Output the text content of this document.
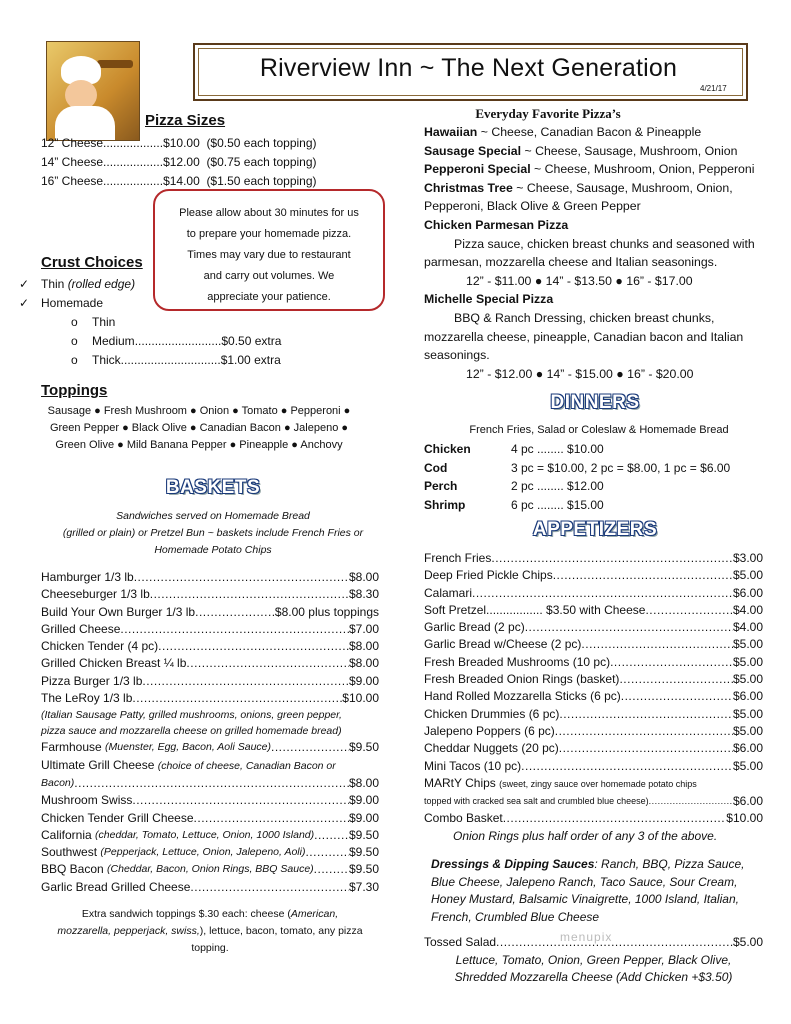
Riverview Inn ~ The Next Generation
4/21/17
Pizza Sizes
12” Cheese..................$10.00 ($0.50 each topping)
14” Cheese..................$12.00 ($0.75 each topping)
16” Cheese..................$14.00 ($1.50 each topping)
Please allow about 30 minutes for us
to prepare your homemade pizza.
Times may vary due to restaurant
and carry out volumes. We
appreciate your patience.
Crust Choices
✓ Thin (rolled edge)
✓ Homemade
o Thin
o Medium..........................$0.50 extra
o Thick..............................$1.00 extra
Toppings
Sausage ● Fresh Mushroom ● Onion ● Tomato ● Pepperoni ●
Green Pepper ● Black Olive ● Canadian Bacon ● Jalepeno ●
Green Olive ● Mild Banana Pepper ● Pineapple ● Anchovy
BASKETS
Sandwiches served on Homemade Bread
(grilled or plain) or Pretzel Bun ~ baskets include French Fries or
Homemade Potato Chips
Hamburger 1/3 lb .....	$8.00
Cheeseburger 1/3 lb .....	$8.30
Build Your Own Burger 1/3 lb .....	$8.00 plus toppings
Grilled Cheese .....	$7.00
Chicken Tender (4 pc) .....	$8.00
Grilled Chicken Breast ¼ lb .....	$8.00
Pizza Burger 1/3 lb .....	$9.00
The LeRoy 1/3 lb .....	$10.00
(Italian Sausage Patty, grilled mushrooms, onions, green pepper,
pizza sauce and mozzarella cheese on grilled homemade bread)
Farmhouse
(Muenster, Egg, Bacon, Aoli Sauce) .....	$9.50
Ultimate Grill Cheese (choice of cheese, Canadian Bacon or
Bacon) .....	$8.00
Mushroom Swiss .....	$9.00
Chicken Tender Grill Cheese .....	$9.00
California
(cheddar, Tomato, Lettuce, Onion, 1000 Island) .....	$9.50
Southwest
(Pepperjack, Lettuce, Onion, Jalepeno, Aoli) .....	$9.50
BBQ Bacon
(Cheddar, Bacon, Onion Rings, BBQ Sauce) .....	$9.50
Garlic Bread Grilled Cheese .....	$7.30
Extra sandwich toppings $.30 each: cheese (American,
mozzarella, pepperjack, swiss,), lettuce, bacon, tomato, any pizza
topping.
Everyday Favorite Pizza’s
Hawaiian ~ Cheese, Canadian Bacon & Pineapple
Sausage Special ~ Cheese, Sausage, Mushroom, Onion
Pepperoni Special ~ Cheese, Mushroom, Onion, Pepperoni
Christmas Tree ~ Cheese, Sausage, Mushroom, Onion,
Pepperoni, Black Olive & Green Pepper
Chicken Parmesan Pizza
Pizza sauce, chicken breast chunks and seasoned with
parmesan, mozzarella cheese and Italian seasonings.
12” - $11.00 ● 14” - $13.50 ● 16” - $17.00
Michelle Special Pizza
BBQ & Ranch Dressing, chicken breast chunks,
mozzarella cheese, pineapple, Canadian bacon and Italian
seasonings.
12” - $12.00 ● 14” - $15.00 ● 16” - $20.00
DINNERS
French Fries, Salad or Coleslaw & Homemade Bread
Chicken	4 pc ........ $10.00
Cod	3 pc = $10.00, 2 pc = $8.00, 1 pc = $6.00
Perch	2 pc ........ $12.00
Shrimp	6 pc ........ $15.00
APPETIZERS
French Fries .....	$3.00
Deep Fried Pickle Chips .....	$5.00
Calamari .....	$6.00
Soft Pretzel................. $3.50 with Cheese .....	$4.00
Garlic Bread (2 pc) .....	$4.00
Garlic Bread w/Cheese (2 pc) .....	$5.00
Fresh Breaded Mushrooms (10 pc) .....	$5.00
Fresh Breaded Onion Rings (basket) .....	$5.00
Hand Rolled Mozzarella Sticks (6 pc) .....	$6.00
Chicken Drummies (6 pc) .....	$5.00
Jalepeno Poppers (6 pc) .....	$5.00
Cheddar Nuggets (20 pc) .....	$6.00
Mini Tacos (10 pc) .....	$5.00
MARtY Chips (sweet, zingy sauce over homemade potato chips
topped with cracked sea salt and crumbled blue cheese) .....	$6.00
Combo Basket .....	$10.00
Onion Rings plus half order of any 3 of the above.
Dressings & Dipping Sauces: Ranch, BBQ, Pizza Sauce,
Blue Cheese, Jalepeno Ranch, Taco Sauce, Sour Cream,
Honey Mustard, Balsamic Vinaigrette, 1000 Island, Italian,
French, Crumbled Blue Cheese
Tossed Salad .....	$5.00
Lettuce, Tomato, Onion, Green Pepper, Black Olive,
Shredded Mozzarella Cheese (Add Chicken +$3.50)
menupix
